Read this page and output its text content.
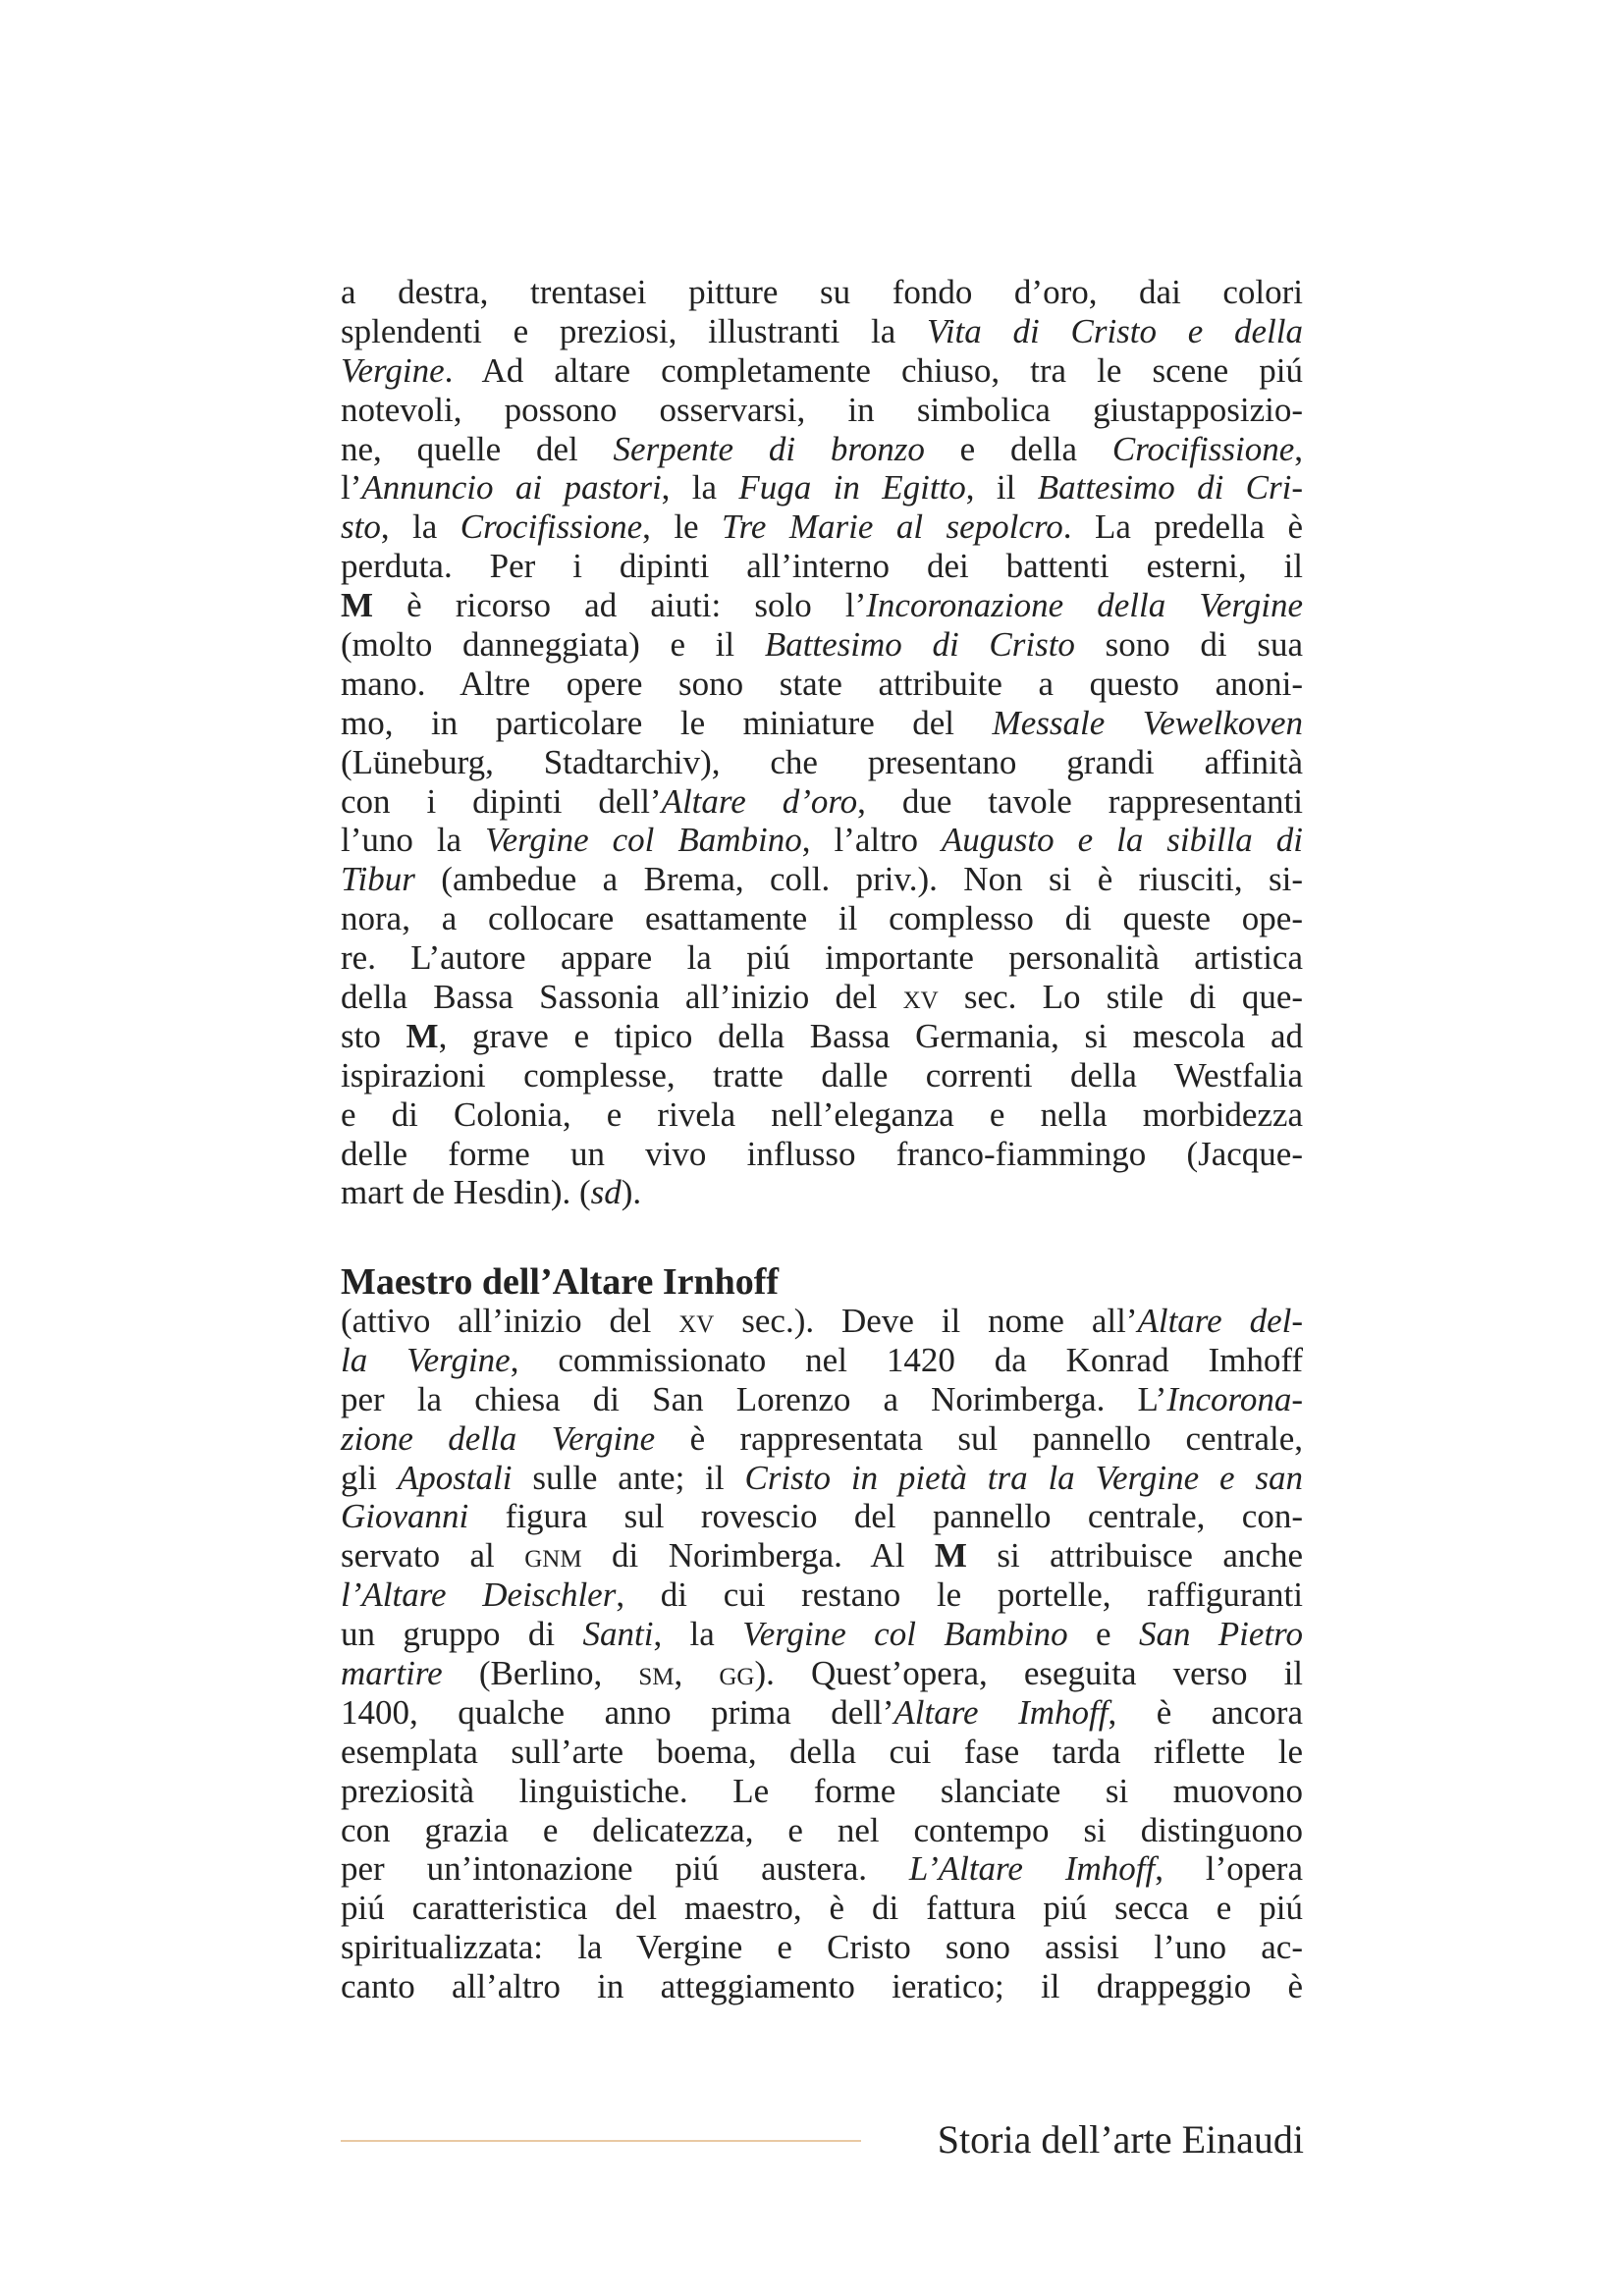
a destra, trentasei pitture su fondo d’oro, dai colori
splendenti e preziosi, illustranti la Vita di Cristo e della
Vergine. Ad altare completamente chiuso, tra le scene piú
notevoli, possono osservarsi, in simbolica giustapposizio-
ne, quelle del Serpente di bronzo e della Crocifissione,
l’Annuncio ai pastori, la Fuga in Egitto, il Battesimo di Cri-
sto, la Crocifissione, le Tre Marie al sepolcro. La predella è
perduta. Per i dipinti all’interno dei battenti esterni, il
M è ricorso ad aiuti: solo l’Incoronazione della Vergine
(molto danneggiata) e il Battesimo di Cristo sono di sua
mano. Altre opere sono state attribuite a questo anoni-
mo, in particolare le miniature del Messale Vewelkoven
(Lüneburg, Stadtarchiv), che presentano grandi affinità
con i dipinti dell’Altare d’oro, due tavole rappresentanti
l’uno la Vergine col Bambino, l’altro Augusto e la sibilla di
Tibur (ambedue a Brema, coll. priv.). Non si è riusciti, si-
nora, a collocare esattamente il complesso di queste ope-
re. L’autore appare la piú importante personalità artistica
della Bassa Sassonia all’inizio del xv sec. Lo stile di que-
sto M, grave e tipico della Bassa Germania, si mescola ad
ispirazioni complesse, tratte dalle correnti della Westfalia
e di Colonia, e rivela nell’eleganza e nella morbidezza
delle forme un vivo influsso franco-fiammingo (Jacque-
mart de Hesdin). (sd).
Maestro dell’Altare Irnhoff
(attivo all’inizio del xv sec.). Deve il nome all’Altare del-
la Vergine, commissionato nel 1420 da Konrad Imhoff
per la chiesa di San Lorenzo a Norimberga. L’Incorona-
zione della Vergine è rappresentata sul pannello centrale,
gli Apostali sulle ante; il Cristo in pietà tra la Vergine e san
Giovanni figura sul rovescio del pannello centrale, con-
servato al gnm di Norimberga. Al M si attribuisce anche
l’Altare Deischler, di cui restano le portelle, raffiguranti
un gruppo di Santi, la Vergine col Bambino e San Pietro
martire (Berlino, sm, gg). Quest’opera, eseguita verso il
1400, qualche anno prima dell’Altare Imhoff, è ancora
esemplata sull’arte boema, della cui fase tarda riflette le
preziosità linguistiche. Le forme slanciate si muovono
con grazia e delicatezza, e nel contempo si distinguono
per un’intonazione piú austera. L’Altare Imhoff, l’opera
piú caratteristica del maestro, è di fattura piú secca e piú
spiritualizzata: la Vergine e Cristo sono assisi l’uno ac-
canto all’altro in atteggiamento ieratico; il drappeggio è
Storia dell’arte Einaudi
